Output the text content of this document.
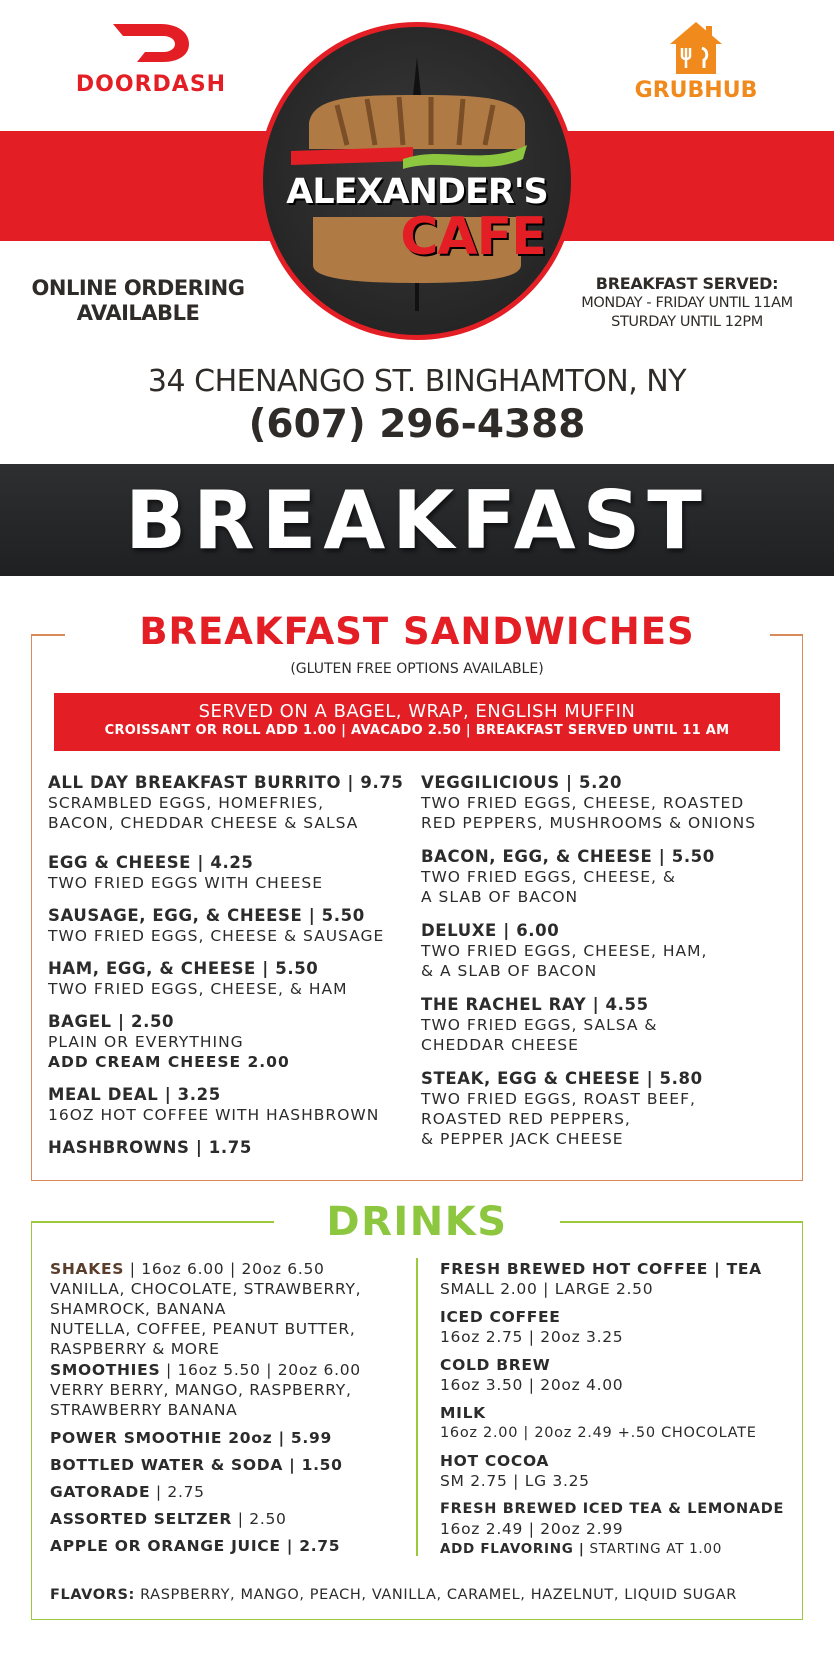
DOORDASH	GRUBHUB
ALEXANDER'S
CAFE
ONLINE ORDERING
AVAILABLE
BREAKFAST SERVED:
MONDAY - FRIDAY UNTIL 11AM
STURDAY UNTIL 12PM
34 CHENANGO ST. BINGHAMTON, NY
(607) 296-4388
BREAKFAST
BREAKFAST SANDWICHES
(GLUTEN FREE OPTIONS AVAILABLE)
SERVED ON A BAGEL, WRAP, ENGLISH MUFFIN
CROISSANT OR ROLL ADD 1.00 | AVACADO 2.50 | BREAKFAST SERVED UNTIL 11 AM
ALL DAY BREAKFAST BURRITO | 9.75
SCRAMBLED EGGS, HOMEFRIES,
BACON, CHEDDAR CHEESE & SALSA
EGG & CHEESE | 4.25
TWO FRIED EGGS WITH CHEESE
SAUSAGE, EGG, & CHEESE | 5.50
TWO FRIED EGGS, CHEESE & SAUSAGE
HAM, EGG, & CHEESE | 5.50
TWO FRIED EGGS, CHEESE, & HAM
BAGEL | 2.50
PLAIN OR EVERYTHING
ADD CREAM CHEESE 2.00
MEAL DEAL | 3.25
16OZ HOT COFFEE WITH HASHBROWN
HASHBROWNS | 1.75
VEGGILICIOUS | 5.20
TWO FRIED EGGS, CHEESE, ROASTED
RED PEPPERS, MUSHROOMS & ONIONS
BACON, EGG, & CHEESE | 5.50
TWO FRIED EGGS, CHEESE, &
A SLAB OF BACON
DELUXE | 6.00
TWO FRIED EGGS, CHEESE, HAM,
& A SLAB OF BACON
THE RACHEL RAY | 4.55
TWO FRIED EGGS, SALSA &
CHEDDAR CHEESE
STEAK, EGG & CHEESE | 5.80
TWO FRIED EGGS, ROAST BEEF,
ROASTED RED PEPPERS,
& PEPPER JACK CHEESE
DRINKS
SHAKES | 16oz 6.00 | 20oz 6.50
VANILLA, CHOCOLATE, STRAWBERRY,
SHAMROCK, BANANA
NUTELLA, COFFEE, PEANUT BUTTER,
RASPBERRY & MORE
SMOOTHIES | 16oz 5.50 | 20oz 6.00
VERRY BERRY, MANGO, RASPBERRY,
STRAWBERRY BANANA
POWER SMOOTHIE 20oz | 5.99
BOTTLED WATER & SODA | 1.50
GATORADE | 2.75
ASSORTED SELTZER | 2.50
APPLE OR ORANGE JUICE | 2.75
FRESH BREWED HOT COFFEE | TEA
SMALL 2.00 | LARGE 2.50
ICED COFFEE
16oz 2.75 | 20oz 3.25
COLD BREW
16oz 3.50 | 20oz 4.00
MILK
16oz 2.00 | 20oz 2.49 +.50 CHOCOLATE
HOT COCOA
SM 2.75 | LG 3.25
FRESH BREWED ICED TEA & LEMONADE
16oz 2.49 | 20oz 2.99
ADD FLAVORING | STARTING AT 1.00
FLAVORS: RASPBERRY, MANGO, PEACH, VANILLA, CARAMEL, HAZELNUT, LIQUID SUGAR
